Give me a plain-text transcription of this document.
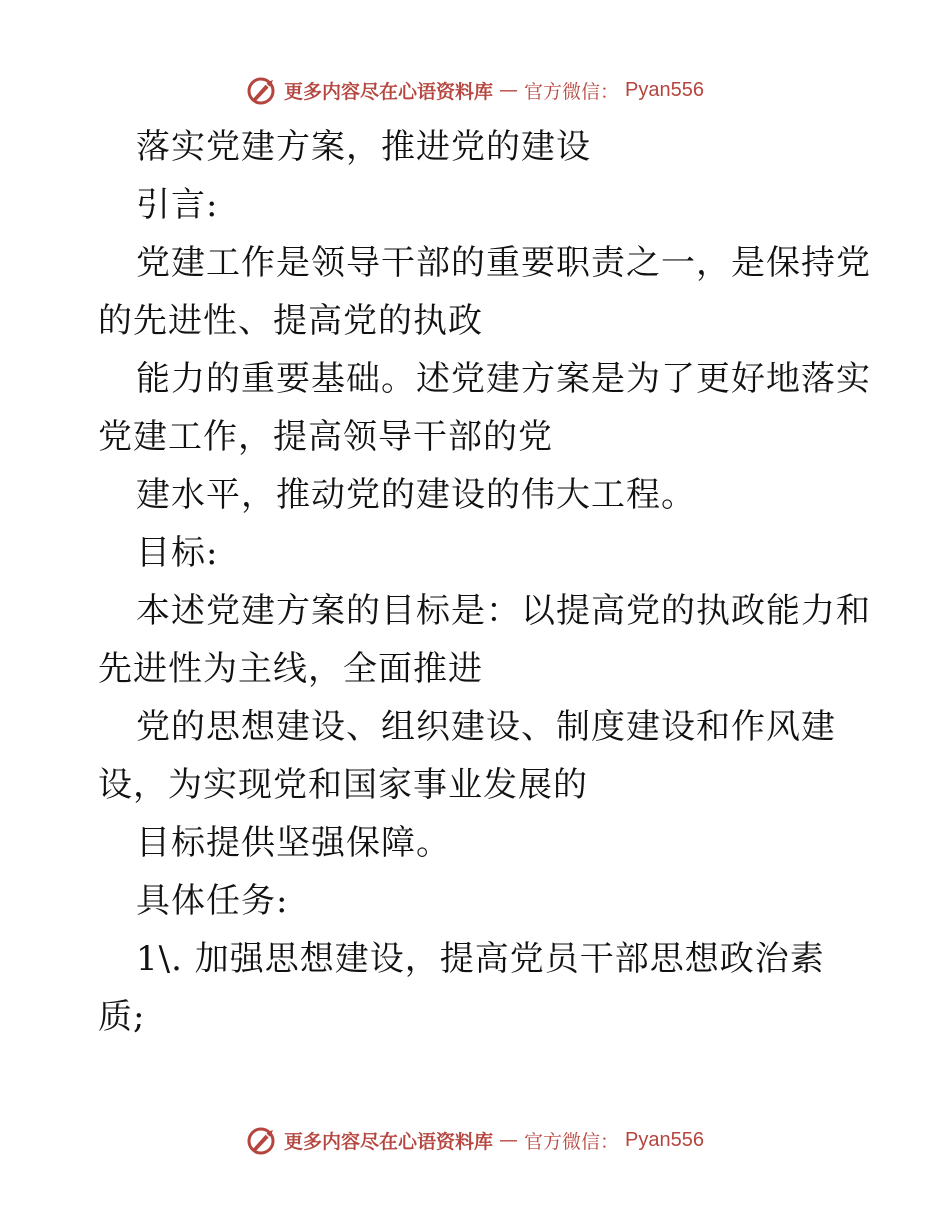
更多内容尽在心语资料库 — 官方微信： Pyan556
落实党建方案，推进党的建设
引言:
党建工作是领导干部的重要职责之一，是保持党
的先进性、提高党的执政
能力的重要基础。述党建方案是为了更好地落实
党建工作，提高领导干部的党
建水平，推动党的建设的伟大工程。
目标:
本述党建方案的目标是：以提高党的执政能力和
先进性为主线，全面推进
党的思想建设、组织建设、制度建设和作风建
设，为实现党和国家事业发展的
目标提供坚强保障。
具体任务:
1\. 加强思想建设，提高党员干部思想政治素
质;
更多内容尽在心语资料库 — 官方微信： Pyan556
